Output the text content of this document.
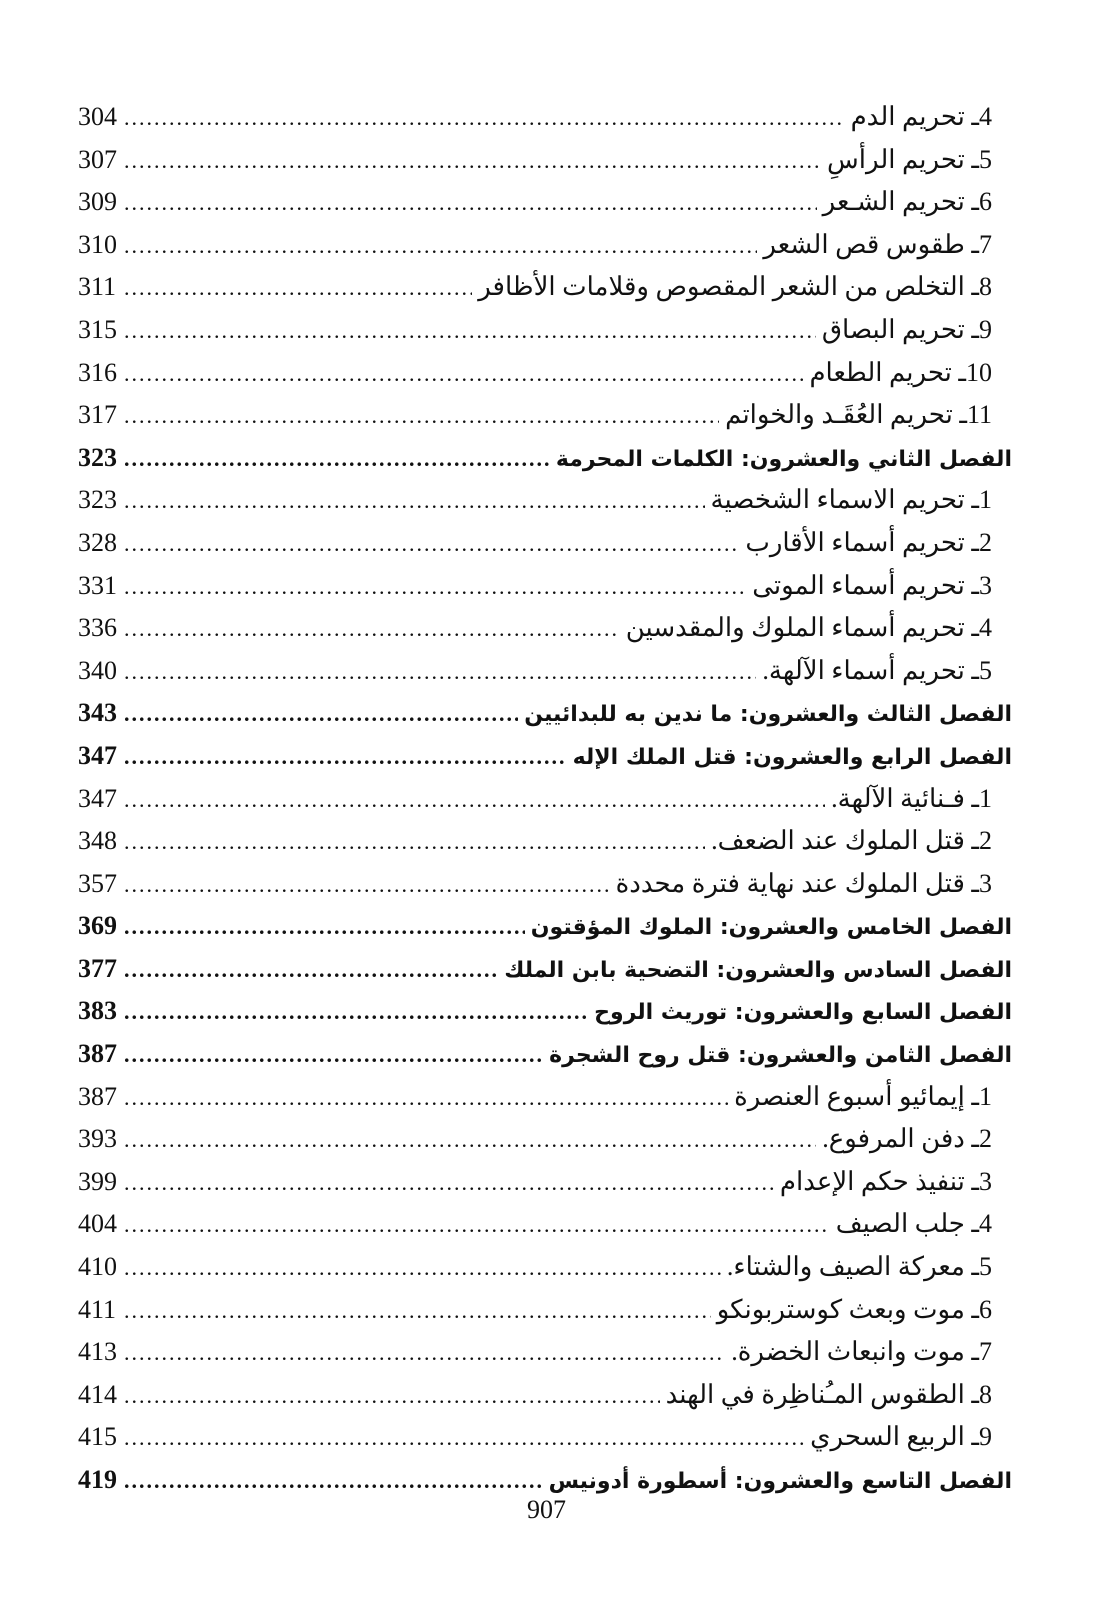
4ـ تحريم الدم
.....
304
5ـ تحريم الرأسِ
.....
307
6ـ تحريم الشـعر
.....
309
7ـ طقوس قص الشعر
.....
310
8ـ التخلص من الشعر المقصوص وقلامات الأظافر
.....
311
9ـ تحريم البصاق
.....
315
10ـ تحريم الطعام
.....
316
11ـ تحريم العُقَـد والخواتم
.....
317
الفصل الثاني والعشرون: الكلمات المحرمة
.....
323
1ـ تحريم الاسماء الشخصية
.....
323
2ـ تحريم أسماء الأقارب
.....
328
3ـ تحريم أسماء الموتى
.....
331
4ـ تحريم أسماء الملوك والمقدسين
.....
336
5ـ تحريم أسماء الآلهة.
.....
340
الفصل الثالث والعشرون: ما ندين به للبدائيين
.....
343
الفصل الرابع والعشرون: قتل الملك الإله
.....
347
1ـ فـنائية الآلهة.
.....
347
2ـ قتل الملوك عند الضعف.
.....
348
3ـ قتل الملوك عند نهاية فترة محددة
.....
357
الفصل الخامس والعشرون: الملوك المؤقتون
.....
369
الفصل السادس والعشرون: التضحية بابن الملك
.....
377
الفصل السابع والعشرون: توريث الروح
.....
383
الفصل الثامن والعشرون: قتل روح الشجرة
.....
387
1ـ إيمائيو أسبوع العنصرة
.....
387
2ـ دفن المرفوع.
.....
393
3ـ تنفيذ حكم الإعدام
.....
399
4ـ جلب الصيف
.....
404
5ـ معركة الصيف والشتاء.
.....
410
6ـ موت وبعث كوستربونكو
.....
411
7ـ موت وانبعاث الخضرة.
.....
413
8ـ الطقوس المـُناظِرة في الهند
.....
414
9ـ الربيع السحري
.....
415
الفصل التاسع والعشرون: أسطورة أدونيس
.....
419
907
